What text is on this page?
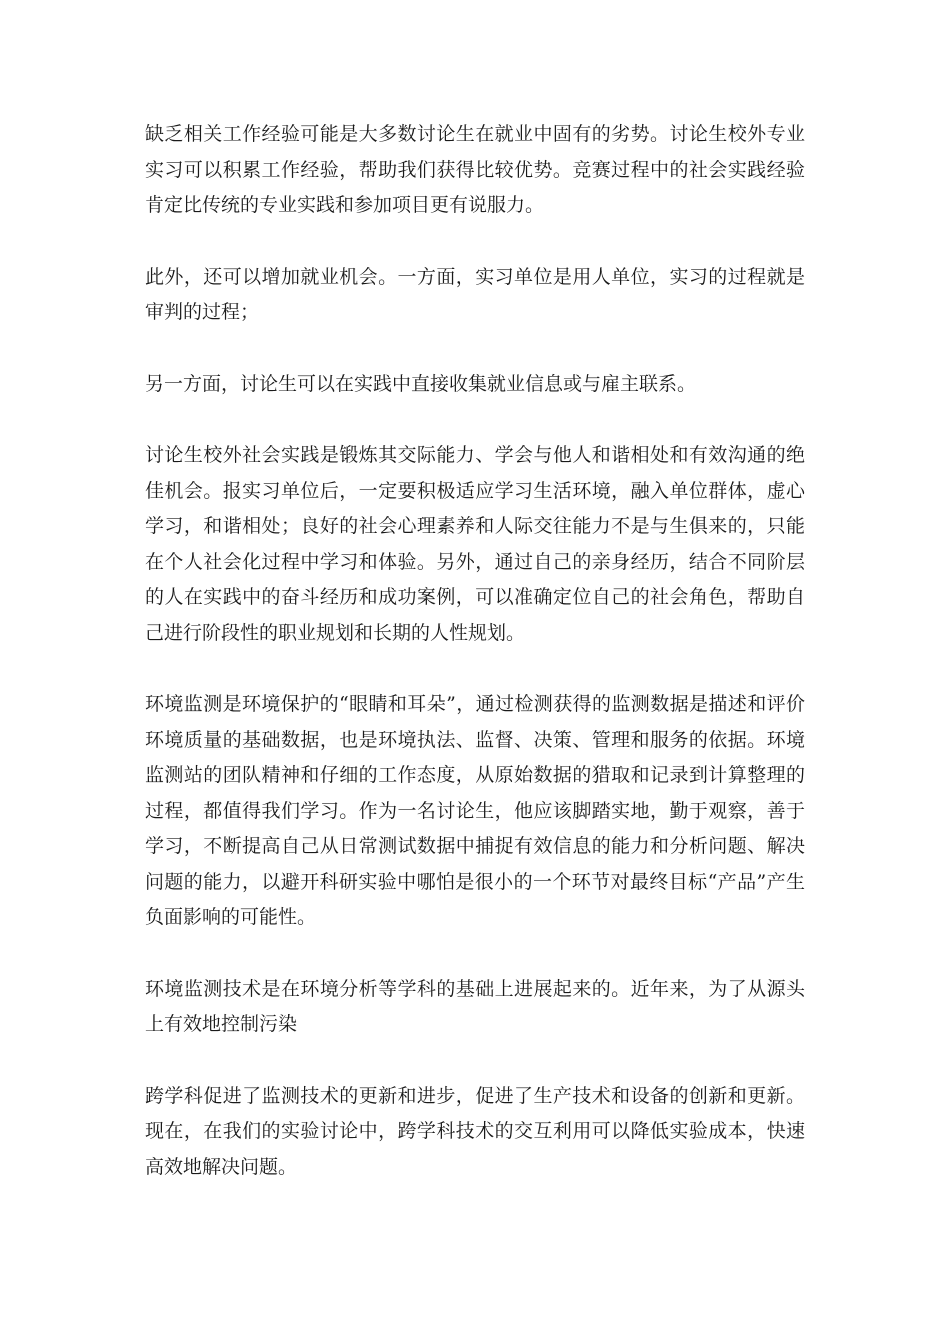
缺乏相关工作经验可能是大多数讨论生在就业中固有的劣势。讨论生校外专业实习可以积累工作经验，帮助我们获得比较优势。竞赛过程中的社会实践经验肯定比传统的专业实践和参加项目更有说服力。

此外，还可以增加就业机会。一方面，实习单位是用人单位，实习的过程就是审判的过程；

另一方面，讨论生可以在实践中直接收集就业信息或与雇主联系。

讨论生校外社会实践是锻炼其交际能力、学会与他人和谐相处和有效沟通的绝佳机会。报实习单位后，一定要积极适应学习生活环境，融入单位群体，虚心学习，和谐相处；良好的社会心理素养和人际交往能力不是与生俱来的，只能在个人社会化过程中学习和体验。另外，通过自己的亲身经历，结合不同阶层的人在实践中的奋斗经历和成功案例，可以准确定位自己的社会角色，帮助自己进行阶段性的职业规划和长期的人性规划。

环境监测是环境保护的“眼睛和耳朵”，通过检测获得的监测数据是描述和评价环境质量的基础数据，也是环境执法、监督、决策、管理和服务的依据。环境监测站的团队精神和仔细的工作态度，从原始数据的猎取和记录到计算整理的过程，都值得我们学习。作为一名讨论生，他应该脚踏实地，勤于观察，善于学习，不断提高自己从日常测试数据中捕捉有效信息的能力和分析问题、解决问题的能力，以避开科研实验中哪怕是很小的一个环节对最终目标“产品”产生负面影响的可能性。

环境监测技术是在环境分析等学科的基础上进展起来的。近年来，为了从源头上有效地控制污染

跨学科促进了监测技术的更新和进步，促进了生产技术和设备的创新和更新。现在，在我们的实验讨论中，跨学科技术的交互利用可以降低实验成本，快速高效地解决问题。
